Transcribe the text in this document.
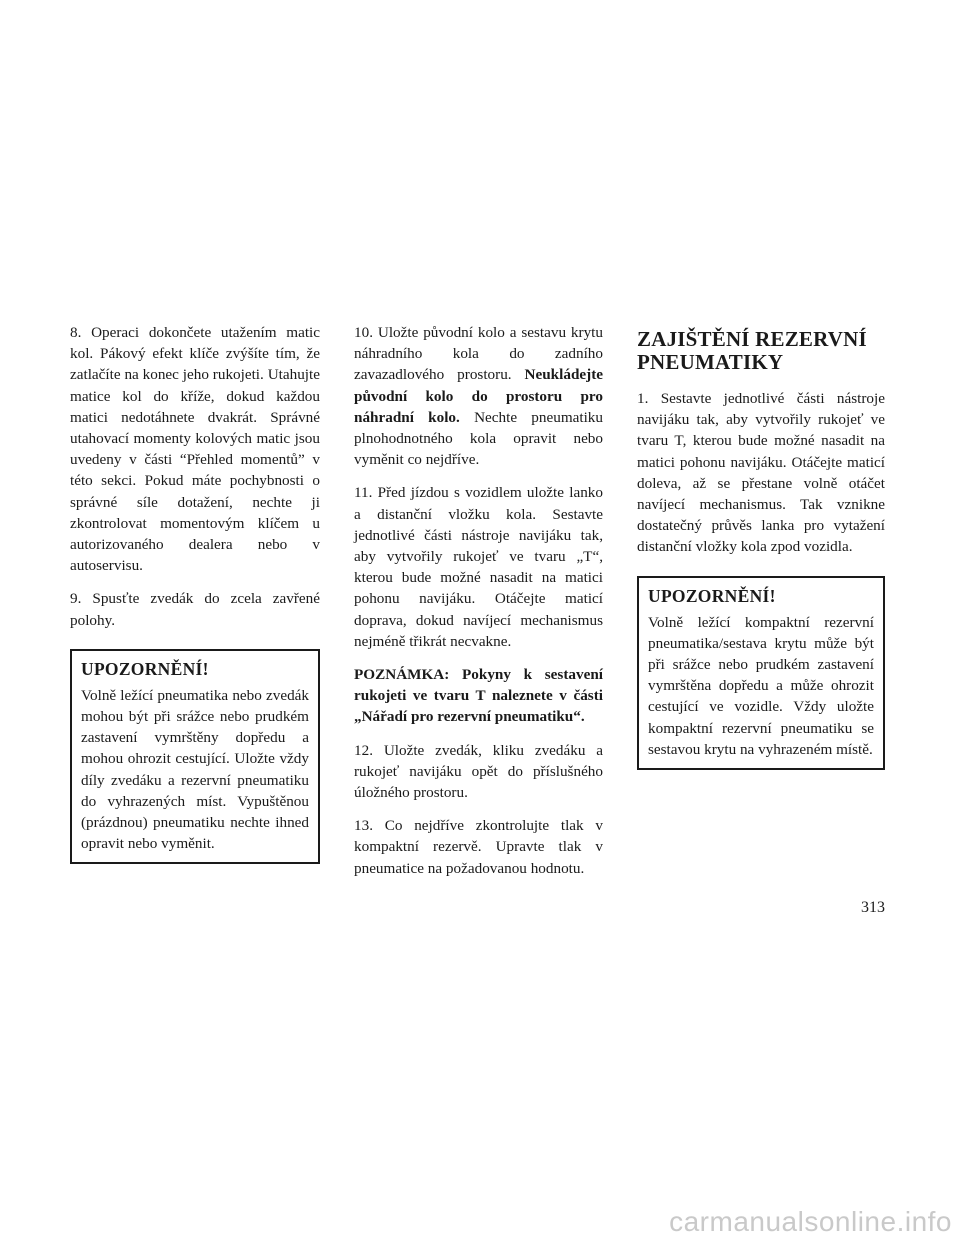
8. Operaci dokončete utažením matic kol. Pákový efekt klíče zvýšíte tím, že zatlačíte na konec jeho rukojeti. Utahujte matice kol do kříže, dokud každou matici nedotáhnete dvakrát. Správné utahovací momenty kolových matic jsou uvedeny v části “Přehled momentů” v této sekci. Pokud máte pochybnosti o správné síle dotažení, nechte ji zkontrolovat momentovým klíčem u autorizovaného dealera nebo v autoservisu.

9. Spusťte zvedák do zcela zavřené polohy.

UPOZORNĚNÍ!

Volně ležící pneumatika nebo zvedák mohou být při srážce nebo prudkém zastavení vymrštěny dopředu a mohou ohrozit cestující. Uložte vždy díly zvedáku a rezervní pneumatiku do vyhrazených míst. Vypuštěnou (prázdnou) pneumatiku nechte ihned opravit nebo vyměnit.

10. Uložte původní kolo a sestavu krytu náhradního kola do zadního zavazadlového prostoru. Neukládejte původní kolo do prostoru pro náhradní kolo. Nechte pneumatiku plnohodnotného kola opravit nebo vyměnit co nejdříve.

11. Před jízdou s vozidlem uložte lanko a distanční vložku kola. Sestavte jednotlivé části nástroje navijáku tak, aby vytvořily rukojeť ve tvaru „T“, kterou bude možné nasadit na matici pohonu navijáku. Otáčejte maticí doprava, dokud navíjecí mechanismus nejméně třikrát necvakne.

POZNÁMKA: Pokyny k sestavení rukojeti ve tvaru T naleznete v části „Nářadí pro rezervní pneumatiku“.

12. Uložte zvedák, kliku zvedáku a rukojeť navijáku opět do příslušného úložného prostoru.

13. Co nejdříve zkontrolujte tlak v kompaktní rezervě. Upravte tlak v pneumatice na požadovanou hodnotu.

ZAJIŠTĚNÍ REZERVNÍ PNEUMATIKY

1. Sestavte jednotlivé části nástroje navijáku tak, aby vytvořily rukojeť ve tvaru T, kterou bude možné nasadit na matici pohonu navijáku. Otáčejte maticí doleva, až se přestane volně otáčet navíjecí mechanismus. Tak vznikne dostatečný průvěs lanka pro vytažení distanční vložky kola zpod vozidla.

UPOZORNĚNÍ!

Volně ležící kompaktní rezervní pneumatika/sestava krytu může být při srážce nebo prudkém zastavení vymrštěna dopředu a může ohrozit cestující ve vozidle. Vždy uložte kompaktní rezervní pneumatiku se sestavou krytu na vyhrazeném místě.

313
carmanualsonline.info
